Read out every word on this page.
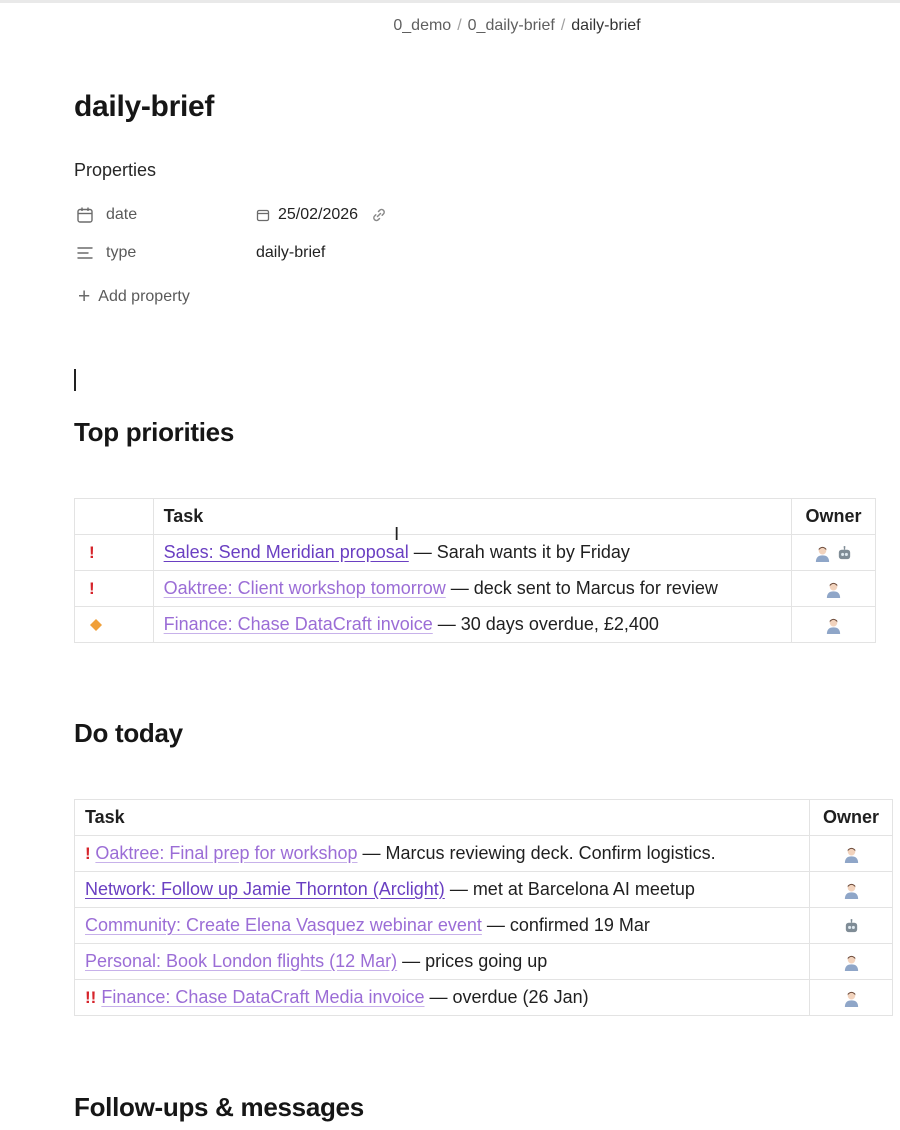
0_demo / 0_daily-brief / daily-brief
daily-brief
Properties
date	25/02/2026
type	daily-brief
+ Add property
Top priorities
	Task	Owner
!	Sales: Send Meridian proposal — Sarah wants it by Friday	
!	Oaktree: Client workshop tomorrow — deck sent to Marcus for review	
	Finance: Chase DataCraft invoice — 30 days overdue, £2,400	
I
Do today
Task	Owner
! Oaktree: Final prep for workshop — Marcus reviewing deck. Confirm logistics.	
Network: Follow up Jamie Thornton (Arclight) — met at Barcelona AI meetup	
Community: Create Elena Vasquez webinar event — confirmed 19 Mar	
Personal: Book London flights (12 Mar) — prices going up	
!! Finance: Chase DataCraft Media invoice — overdue (26 Jan)	
Follow-ups & messages
